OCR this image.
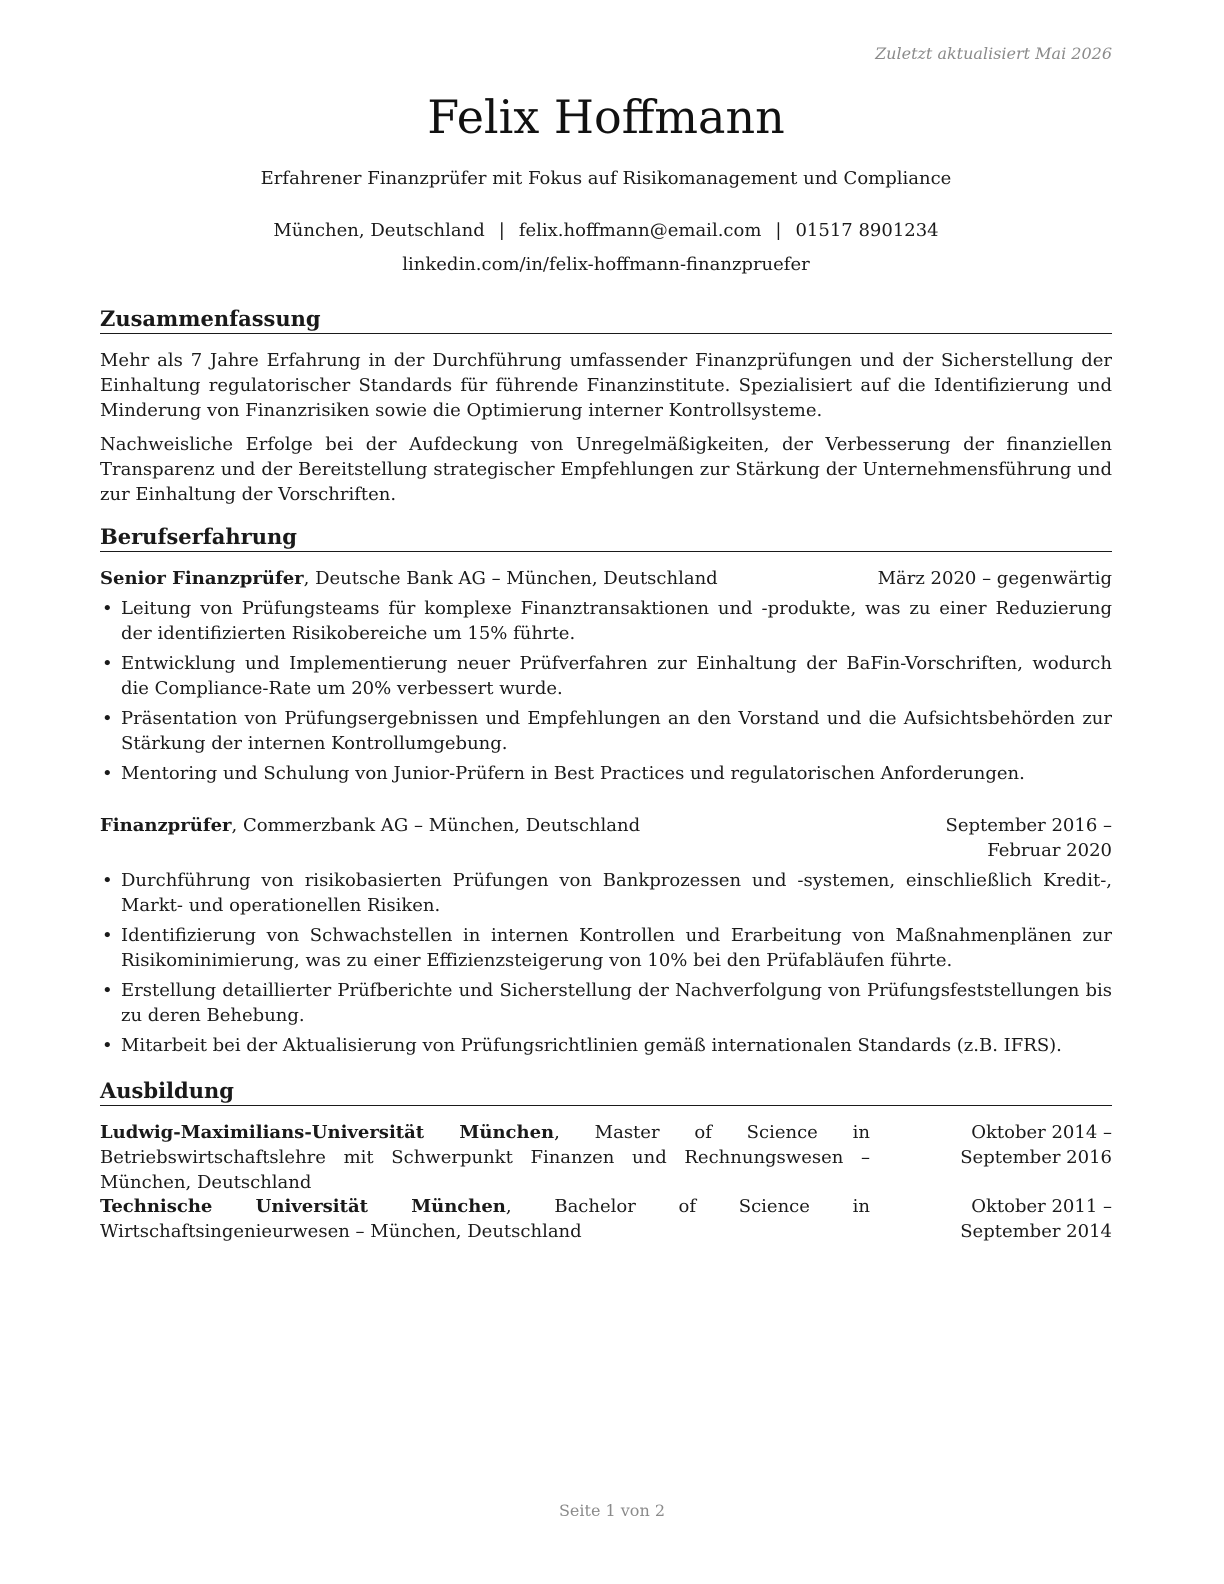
Zuletzt aktualisiert Mai 2026
Felix Hoffmann
Erfahrener Finanzprüfer mit Fokus auf Risikomanagement und Compliance
München, Deutschland | felix.hoffmann@email.com | 01517 8901234
linkedin.com/in/felix-hoffmann-finanzpruefer
Zusammenfassung

Mehr als 7 Jahre Erfahrung in der Durchführung umfassender Finanzprüfungen und der Sicherstellung der Einhaltung regulatorischer Standards für führende Finanzinstitute. Spezialisiert auf die Identifizierung und Minderung von Finanzrisiken sowie die Optimierung interner Kontrollsysteme.

Nachweisliche Erfolge bei der Aufdeckung von Unregelmäßigkeiten, der Verbesserung der finanziellen Transparenz und der Bereitstellung strategischer Empfehlungen zur Stärkung der Unternehmensführung und zur Einhaltung der Vorschriften.

Berufserfahrung
Senior Finanzprüfer, Deutsche Bank AG – München, Deutschland	März 2020 – gegenwärtig
• Leitung von Prüfungsteams für komplexe Finanztransaktionen und -produkte, was zu einer Reduzierung der identifizierten Risikobereiche um 15% führte.
• Entwicklung und Implementierung neuer Prüfverfahren zur Einhaltung der BaFin-Vorschriften, wodurch die Compliance-Rate um 20% verbessert wurde.
• Präsentation von Prüfungsergebnissen und Empfehlungen an den Vorstand und die Aufsichtsbehörden zur Stärkung der internen Kontrollumgebung.
• Mentoring und Schulung von Junior-Prüfern in Best Practices und regulatorischen Anforderungen.
Finanzprüfer, Commerzbank AG – München, Deutschland	September 2016 – Februar 2020
• Durchführung von risikobasierten Prüfungen von Bankprozessen und -systemen, einschließlich Kredit-, Markt- und operationellen Risiken.
• Identifizierung von Schwachstellen in internen Kontrollen und Erarbeitung von Maßnahmenplänen zur Risikominimierung, was zu einer Effizienzsteigerung von 10% bei den Prüfabläufen führte.
• Erstellung detaillierter Prüfberichte und Sicherstellung der Nachverfolgung von Prüfungsfeststellungen bis zu deren Behebung.
• Mitarbeit bei der Aktualisierung von Prüfungsrichtlinien gemäß internationalen Standards (z.B. IFRS).
Ausbildung
Ludwig-Maximilians-Universität München, Master of Science in Betriebswirtschaftslehre mit Schwerpunkt Finanzen und Rechnungswesen – München, Deutschland
Oktober 2014 – September 2016
Technische Universität München, Bachelor of Science in Wirtschaftsingenieurwesen – München, Deutschland
Oktober 2011 – September 2014
Seite 1 von 2
